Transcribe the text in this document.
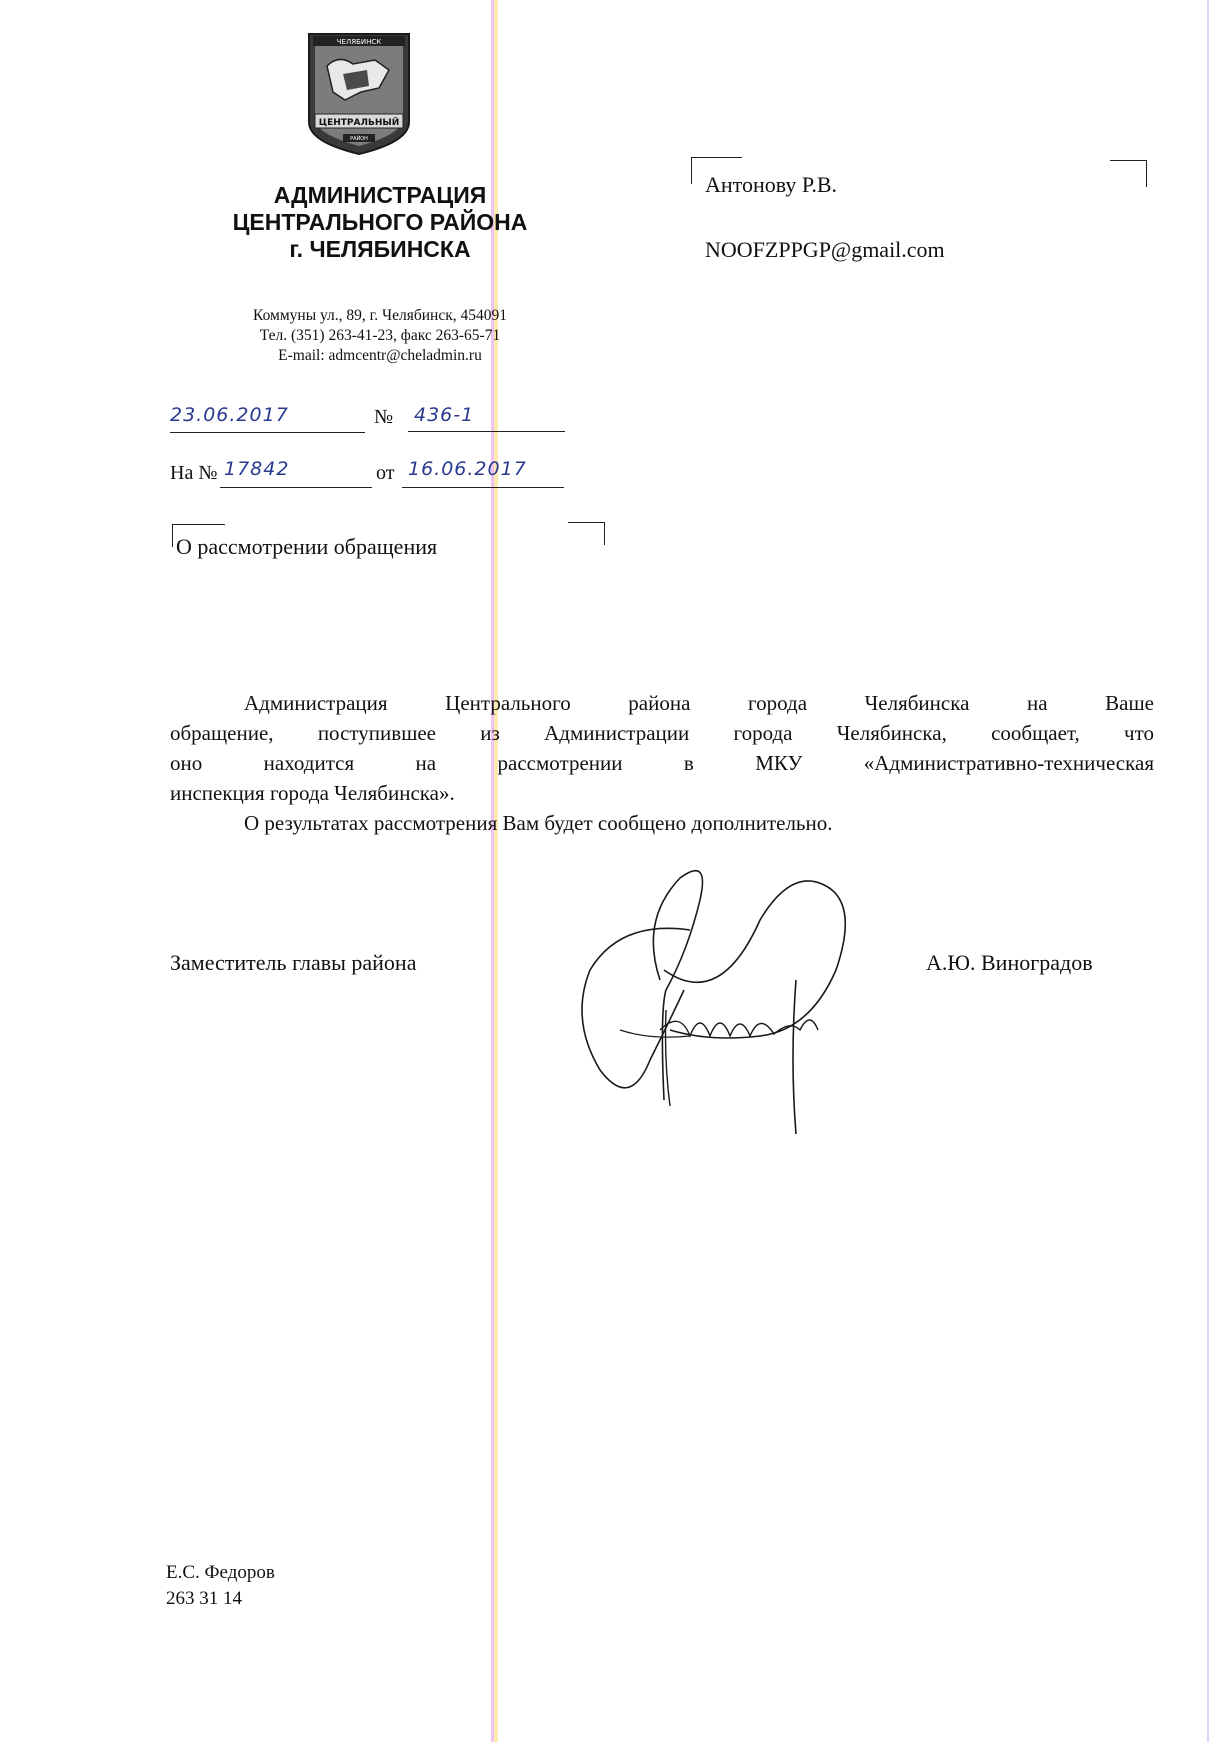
ЧЕЛЯБИНСК
ЦЕНТРАЛЬНЫЙ
РАЙОН
АДМИНИСТРАЦИЯ
ЦЕНТРАЛЬНОГО РАЙОНА
г. ЧЕЛЯБИНСКА
Коммуны ул., 89, г. Челябинск, 454091
Тел. (351) 263-41-23, факс 263-65-71
E-mail: admcentr@cheladmin.ru
23.06.2017	№	436-1
На № 17842	от 16.06.2017
О рассмотрении обращения
Антонову Р.В.
NOOFZPPGP@gmail.com
Администрация Центрального района города Челябинска на Ваше
обращение, поступившее из Администрации города Челябинска, сообщает, что
оно находится на рассмотрении в МКУ «Административно-техническая
инспекция города Челябинска».
О результатах рассмотрения Вам будет сообщено дополнительно.
Заместитель главы района	А.Ю. Виноградов
Е.С. Федоров
263 31 14
